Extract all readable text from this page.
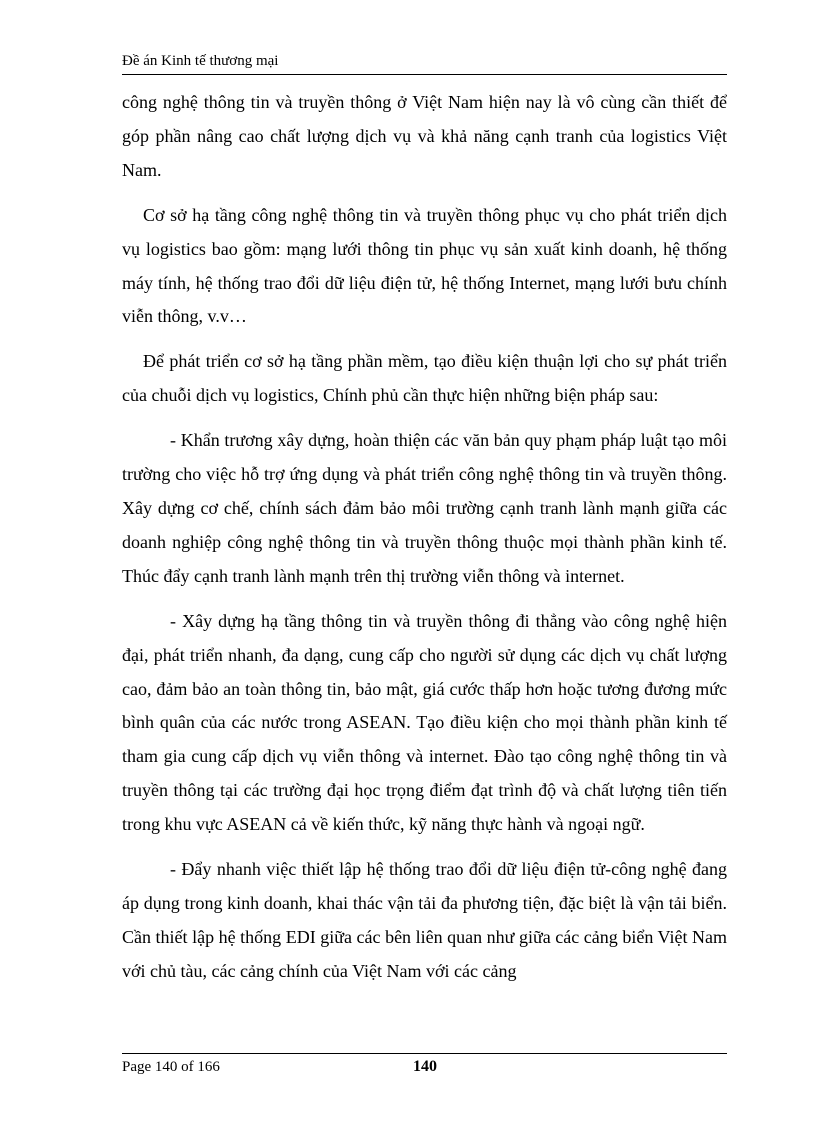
Đề án Kinh tế thương mại

công nghệ thông tin và truyền thông ở Việt Nam hiện nay là vô cùng cần thiết để góp phần nâng cao chất lượng dịch vụ và khả năng cạnh tranh của logistics Việt Nam.

Cơ sở hạ tầng công nghệ thông tin và truyền thông phục vụ cho phát triển dịch vụ logistics bao gồm: mạng lưới thông tin phục vụ sản xuất kinh doanh, hệ thống máy tính, hệ thống trao đổi dữ liệu điện tử, hệ thống Internet, mạng lưới bưu chính viễn thông, v.v…

Để phát triển cơ sở hạ tầng phần mềm, tạo điều kiện thuận lợi cho sự phát triển của chuỗi dịch vụ logistics, Chính phủ cần thực hiện những biện pháp sau:

- Khẩn trương xây dựng, hoàn thiện các văn bản quy phạm pháp luật tạo môi trường cho việc hỗ trợ ứng dụng và phát triển công nghệ thông tin và truyền thông. Xây dựng cơ chế, chính sách đảm bảo môi trường cạnh tranh lành mạnh giữa các doanh nghiệp công nghệ thông tin và truyền thông thuộc mọi thành phần kinh tế. Thúc đẩy cạnh tranh lành mạnh trên thị trường viễn thông và internet.

- Xây dựng hạ tầng thông tin và truyền thông đi thẳng vào công nghệ hiện đại, phát triển nhanh, đa dạng, cung cấp cho người sử dụng các dịch vụ chất lượng cao, đảm bảo an toàn thông tin, bảo mật, giá cước thấp hơn hoặc tương đương mức bình quân của các nước trong ASEAN. Tạo điều kiện cho mọi thành phần kinh tế tham gia cung cấp dịch vụ viễn thông và internet. Đào tạo công nghệ thông tin và truyền thông tại các trường đại học trọng điểm đạt trình độ và chất lượng tiên tiến trong khu vực ASEAN cả về kiến thức, kỹ năng thực hành và ngoại ngữ.

- Đẩy nhanh việc thiết lập hệ thống trao đổi dữ liệu điện tử-công nghệ đang áp dụng trong kinh doanh, khai thác vận tải đa phương tiện, đặc biệt là vận tải biển. Cần thiết lập hệ thống EDI giữa các bên liên quan như giữa các cảng biển Việt Nam với chủ tàu, các cảng chính của Việt Nam với các cảng

Page 140 of 166	140
